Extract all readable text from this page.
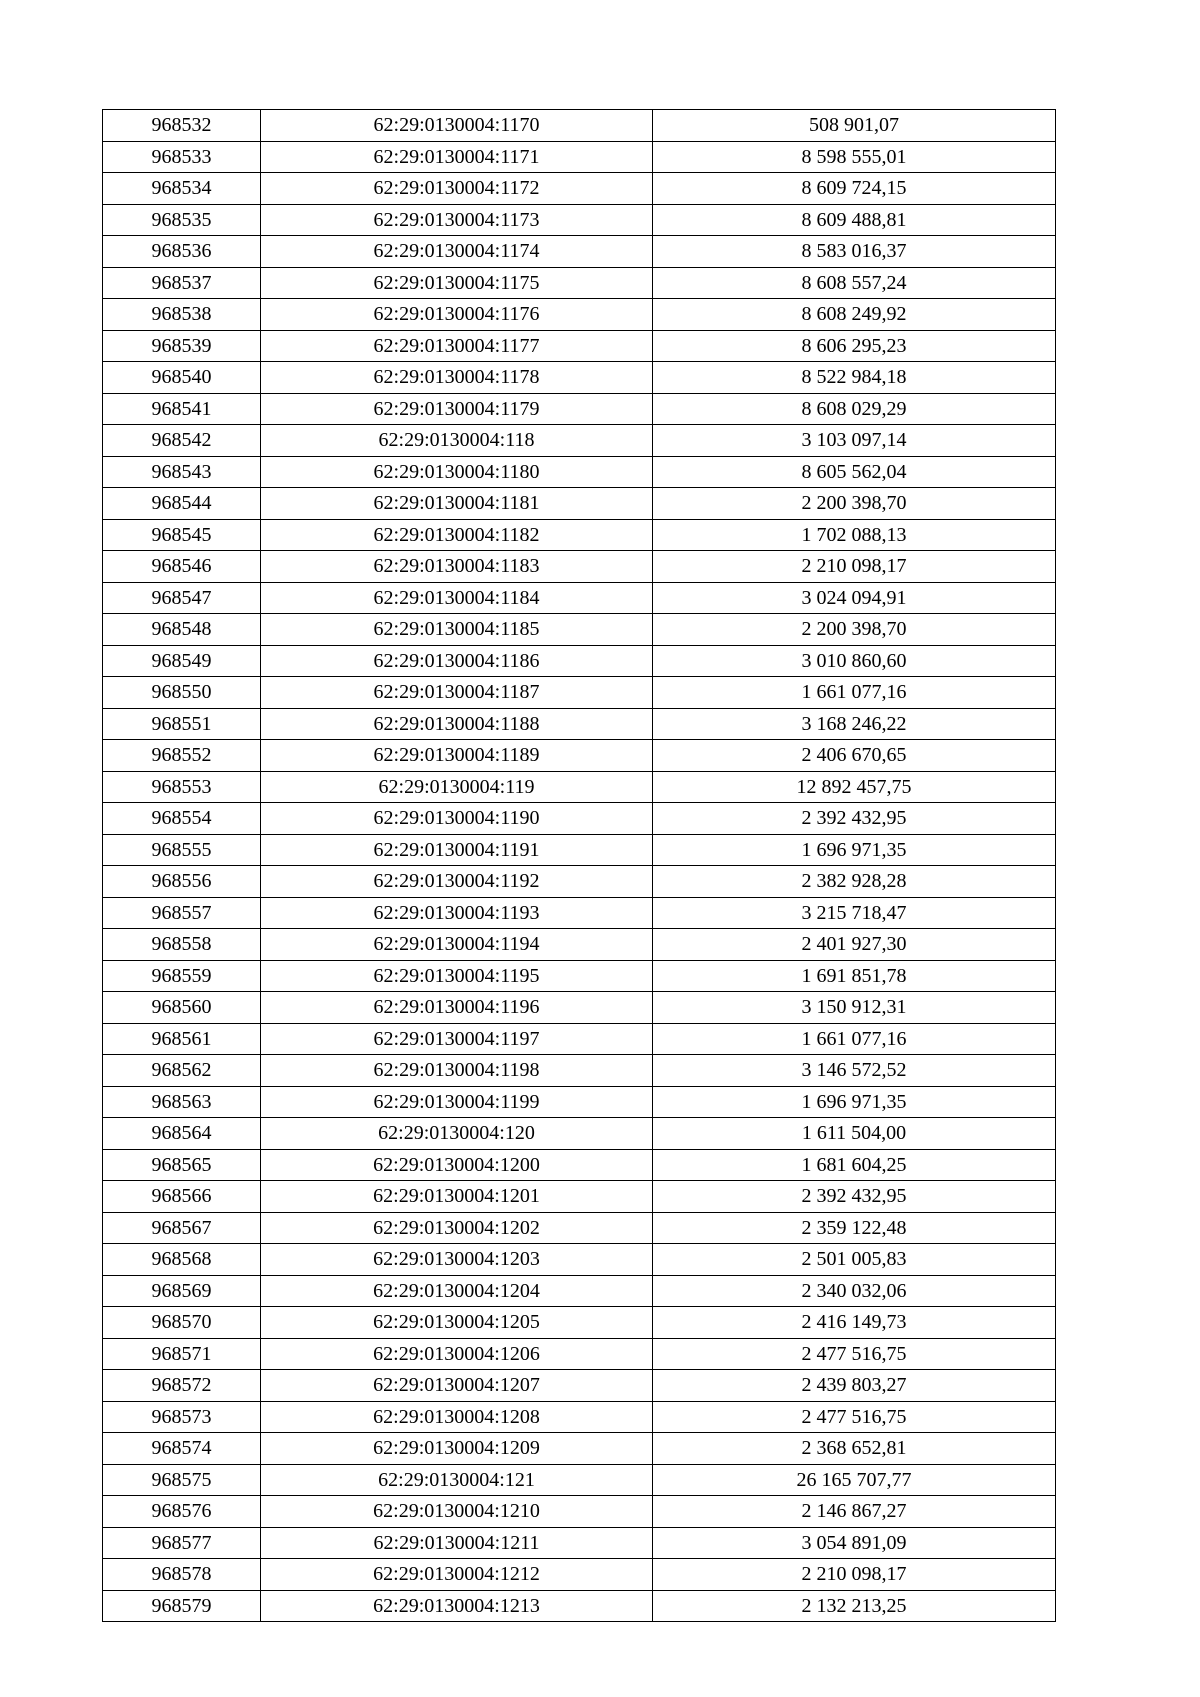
968532	62:29:0130004:1170	508 901,07
968533	62:29:0130004:1171	8 598 555,01
968534	62:29:0130004:1172	8 609 724,15
968535	62:29:0130004:1173	8 609 488,81
968536	62:29:0130004:1174	8 583 016,37
968537	62:29:0130004:1175	8 608 557,24
968538	62:29:0130004:1176	8 608 249,92
968539	62:29:0130004:1177	8 606 295,23
968540	62:29:0130004:1178	8 522 984,18
968541	62:29:0130004:1179	8 608 029,29
968542	62:29:0130004:118	3 103 097,14
968543	62:29:0130004:1180	8 605 562,04
968544	62:29:0130004:1181	2 200 398,70
968545	62:29:0130004:1182	1 702 088,13
968546	62:29:0130004:1183	2 210 098,17
968547	62:29:0130004:1184	3 024 094,91
968548	62:29:0130004:1185	2 200 398,70
968549	62:29:0130004:1186	3 010 860,60
968550	62:29:0130004:1187	1 661 077,16
968551	62:29:0130004:1188	3 168 246,22
968552	62:29:0130004:1189	2 406 670,65
968553	62:29:0130004:119	12 892 457,75
968554	62:29:0130004:1190	2 392 432,95
968555	62:29:0130004:1191	1 696 971,35
968556	62:29:0130004:1192	2 382 928,28
968557	62:29:0130004:1193	3 215 718,47
968558	62:29:0130004:1194	2 401 927,30
968559	62:29:0130004:1195	1 691 851,78
968560	62:29:0130004:1196	3 150 912,31
968561	62:29:0130004:1197	1 661 077,16
968562	62:29:0130004:1198	3 146 572,52
968563	62:29:0130004:1199	1 696 971,35
968564	62:29:0130004:120	1 611 504,00
968565	62:29:0130004:1200	1 681 604,25
968566	62:29:0130004:1201	2 392 432,95
968567	62:29:0130004:1202	2 359 122,48
968568	62:29:0130004:1203	2 501 005,83
968569	62:29:0130004:1204	2 340 032,06
968570	62:29:0130004:1205	2 416 149,73
968571	62:29:0130004:1206	2 477 516,75
968572	62:29:0130004:1207	2 439 803,27
968573	62:29:0130004:1208	2 477 516,75
968574	62:29:0130004:1209	2 368 652,81
968575	62:29:0130004:121	26 165 707,77
968576	62:29:0130004:1210	2 146 867,27
968577	62:29:0130004:1211	3 054 891,09
968578	62:29:0130004:1212	2 210 098,17
968579	62:29:0130004:1213	2 132 213,25
